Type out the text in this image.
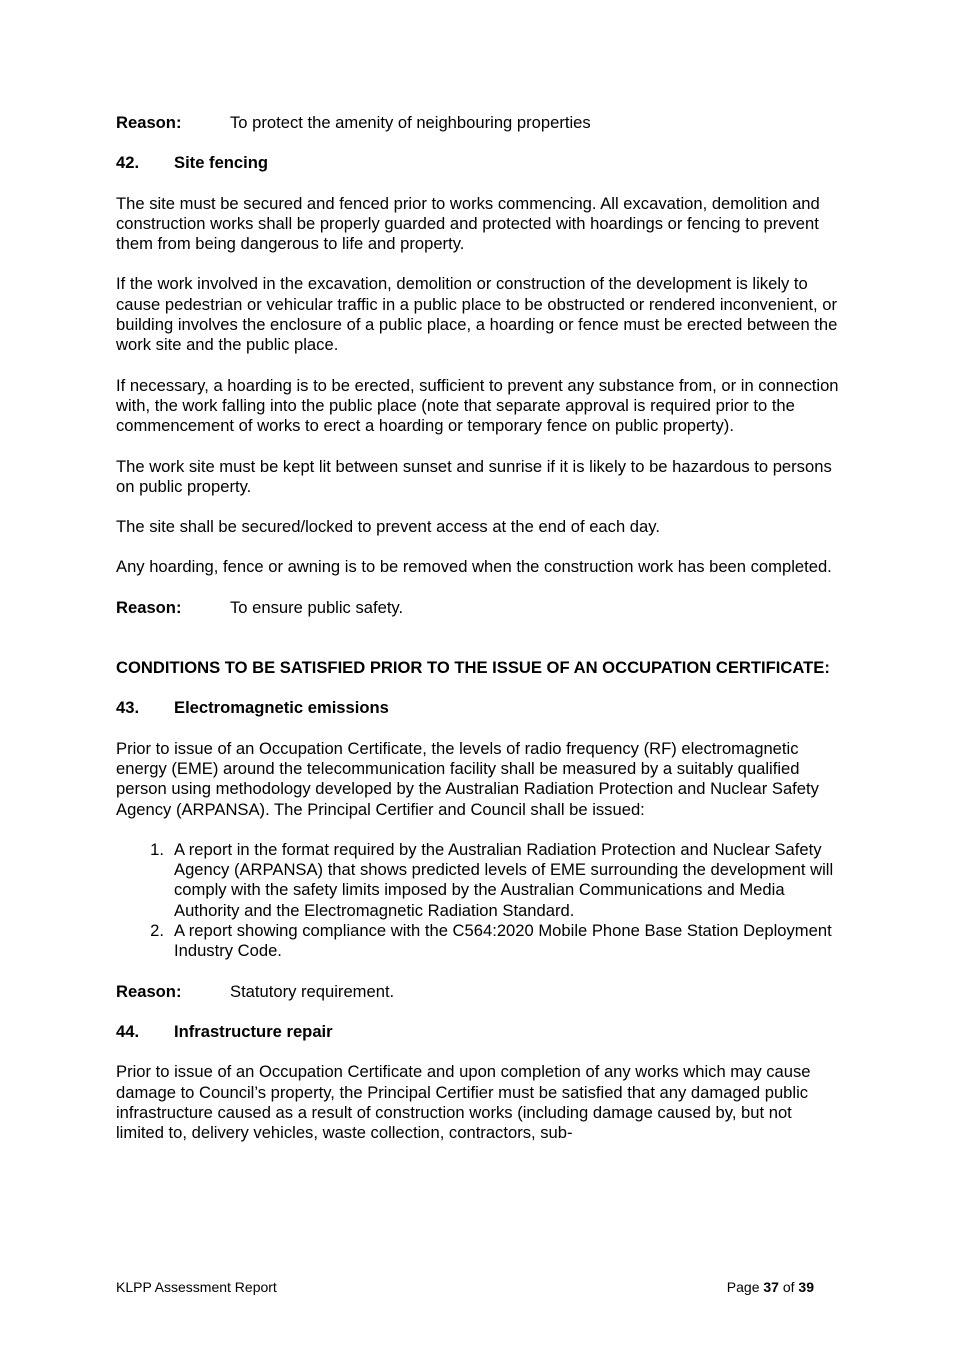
Reason:	To protect the amenity of neighbouring properties
42.	Site fencing

The site must be secured and fenced prior to works commencing. All excavation, demolition and construction works shall be properly guarded and protected with hoardings or fencing to prevent them from being dangerous to life and property.

If the work involved in the excavation, demolition or construction of the development is likely to cause pedestrian or vehicular traffic in a public place to be obstructed or rendered inconvenient, or building involves the enclosure of a public place, a hoarding or fence must be erected between the work site and the public place.

If necessary, a hoarding is to be erected, sufficient to prevent any substance from, or in connection with, the work falling into the public place (note that separate approval is required prior to the commencement of works to erect a hoarding or temporary fence on public property).

The work site must be kept lit between sunset and sunrise if it is likely to be hazardous to persons on public property.

The site shall be secured/locked to prevent access at the end of each day.

Any hoarding, fence or awning is to be removed when the construction work has been completed.

Reason:	To ensure public safety.
CONDITIONS TO BE SATISFIED PRIOR TO THE ISSUE OF AN OCCUPATION CERTIFICATE:
43.	Electromagnetic emissions

Prior to issue of an Occupation Certificate, the levels of radio frequency (RF) electromagnetic energy (EME) around the telecommunication facility shall be measured by a suitably qualified person using methodology developed by the Australian Radiation Protection and Nuclear Safety Agency (ARPANSA). The Principal Certifier and Council shall be issued:

1. A report in the format required by the Australian Radiation Protection and Nuclear Safety Agency (ARPANSA) that shows predicted levels of EME surrounding the development will comply with the safety limits imposed by the Australian Communications and Media Authority and the Electromagnetic Radiation Standard.
2. A report showing compliance with the C564:2020 Mobile Phone Base Station Deployment Industry Code.
Reason:	Statutory requirement.
44.	Infrastructure repair

Prior to issue of an Occupation Certificate and upon completion of any works which may cause damage to Council’s property, the Principal Certifier must be satisfied that any damaged public infrastructure caused as a result of construction works (including damage caused by, but not limited to, delivery vehicles, waste collection, contractors, sub-

KLPP Assessment Report	Page 37 of 39
